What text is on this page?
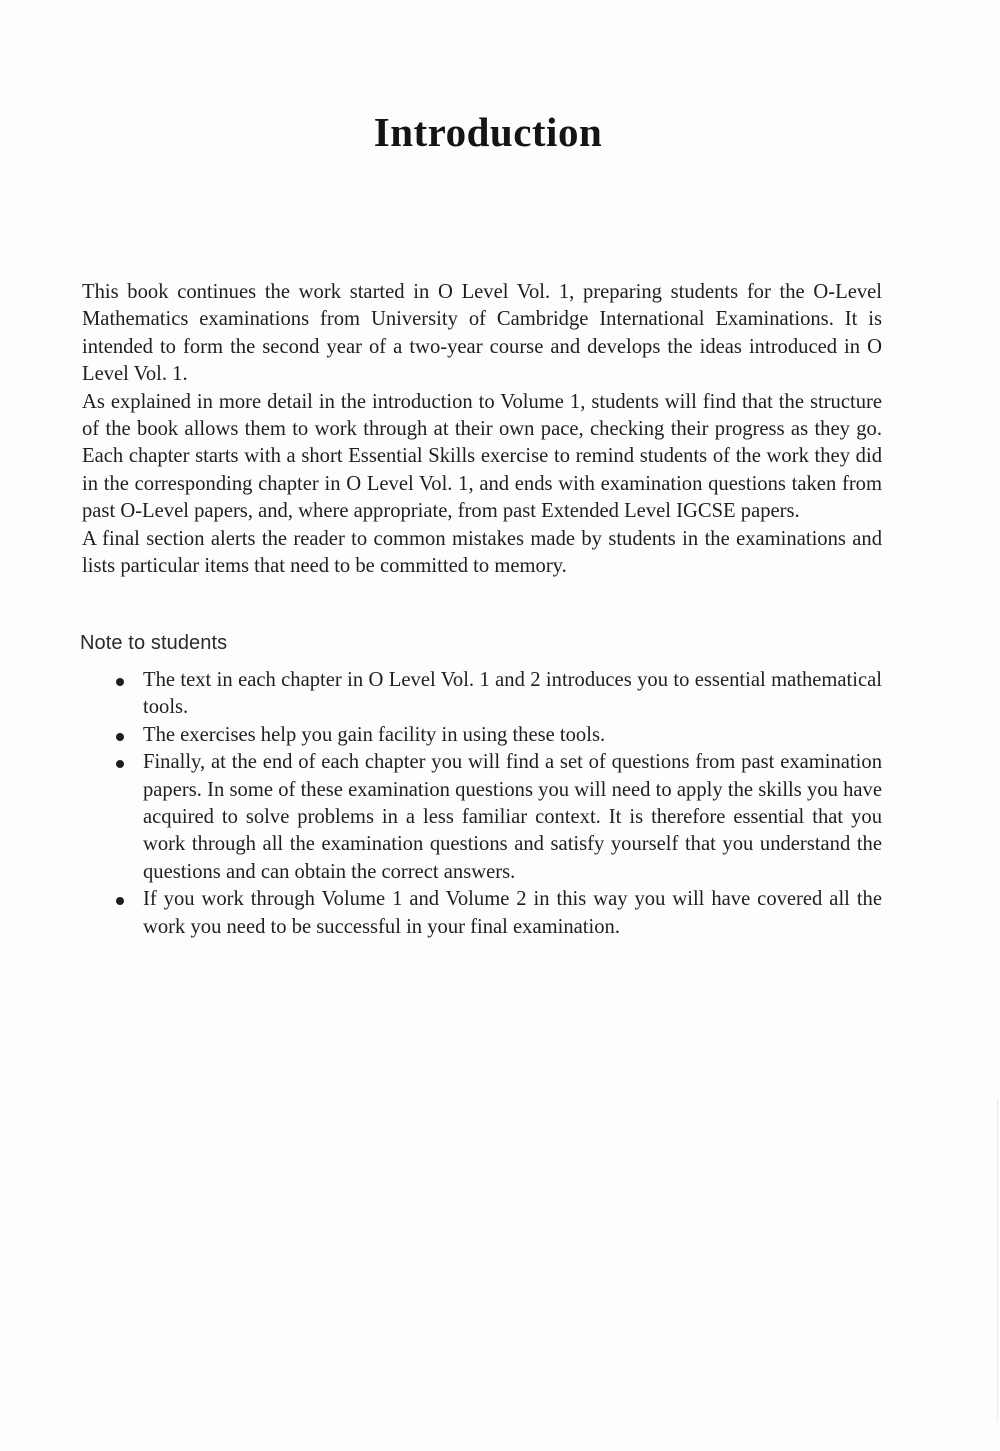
Introduction

This book continues the work started in O Level Vol. 1, preparing students for the O-Level Mathematics examinations from University of Cambridge International Examinations. It is intended to form the second year of a two-year course and develops the ideas introduced in O Level Vol. 1.

As explained in more detail in the introduction to Volume 1, students will find that the structure of the book allows them to work through at their own pace, checking their progress as they go. Each chapter starts with a short Essential Skills exercise to remind students of the work they did in the corresponding chapter in O Level Vol. 1, and ends with examination questions taken from past O-Level papers, and, where appropriate, from past Extended Level IGCSE papers.

A final section alerts the reader to common mistakes made by students in the examinations and lists particular items that need to be committed to memory.

Note to students
The text in each chapter in O Level Vol. 1 and 2 introduces you to essential mathematical tools.
The exercises help you gain facility in using these tools.
Finally, at the end of each chapter you will find a set of questions from past examination papers. In some of these examination questions you will need to apply the skills you have acquired to solve problems in a less familiar context. It is therefore essential that you work through all the examination questions and satisfy yourself that you understand the questions and can obtain the correct answers.
If you work through Volume 1 and Volume 2 in this way you will have covered all the work you need to be successful in your final examination.
